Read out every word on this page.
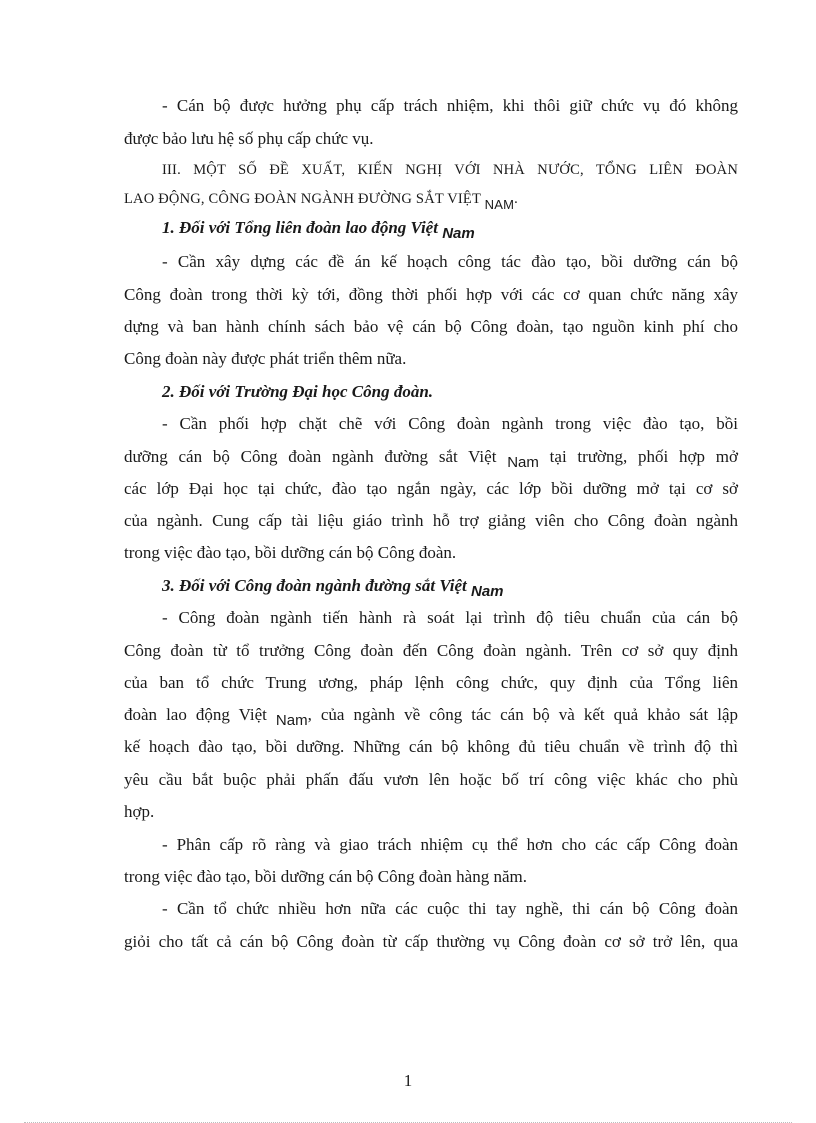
- Cán bộ được hưởng phụ cấp trách nhiệm, khi thôi giữ chức vụ đó không
được bảo lưu hệ số phụ cấp chức vụ.
III. MỘT SỐ ĐỀ XUẤT, KIẾN NGHỊ VỚI NHÀ NƯỚC, TỔNG LIÊN ĐOÀN
LAO ĐỘNG, CÔNG ĐOÀN NGÀNH ĐƯỜNG SẮT VIỆT NAM.
1. Đối với Tổng liên đoàn lao động Việt Nam
- Cần xây dựng các đề án kế hoạch công tác đào tạo, bồi dưỡng cán bộ
Công đoàn trong thời kỳ tới, đồng thời phối hợp với các cơ quan chức năng xây
dựng và ban hành chính sách bảo vệ cán bộ Công đoàn, tạo nguồn kinh phí cho
Công đoàn này được phát triển thêm nữa.
2. Đối với Trường Đại học Công đoàn.
- Cần phối hợp chặt chẽ với Công đoàn ngành trong việc đào tạo, bồi
dưỡng cán bộ Công đoàn ngành đường sắt Việt Nam tại trường, phối hợp mở
các lớp Đại học tại chức, đào tạo ngắn ngày, các lớp bồi dưỡng mở tại cơ sở
của ngành. Cung cấp tài liệu giáo trình hỗ trợ giảng viên cho Công đoàn ngành
trong việc đào tạo, bồi dưỡng cán bộ Công đoàn.
3. Đối với Công đoàn ngành đường sắt Việt Nam
- Công đoàn ngành tiến hành rà soát lại trình độ tiêu chuẩn của cán bộ
Công đoàn từ tổ trưởng Công đoàn đến Công đoàn ngành. Trên cơ sở quy định
của ban tổ chức Trung ương, pháp lệnh công chức, quy định của Tổng liên
đoàn lao động Việt Nam, của ngành về công tác cán bộ và kết quả khảo sát lập
kế hoạch đào tạo, bồi dưỡng. Những cán bộ không đủ tiêu chuẩn về trình độ thì
yêu cầu bắt buộc phải phấn đấu vươn lên hoặc bố trí công việc khác cho phù
hợp.
- Phân cấp rõ ràng và giao trách nhiệm cụ thể hơn cho các cấp Công đoàn
trong việc đào tạo, bồi dưỡng cán bộ Công đoàn hàng năm.
- Cần tổ chức nhiều hơn nữa các cuộc thi tay nghề, thi cán bộ Công đoàn
giỏi cho tất cả cán bộ Công đoàn từ cấp thường vụ Công đoàn cơ sở trở lên, qua
1
